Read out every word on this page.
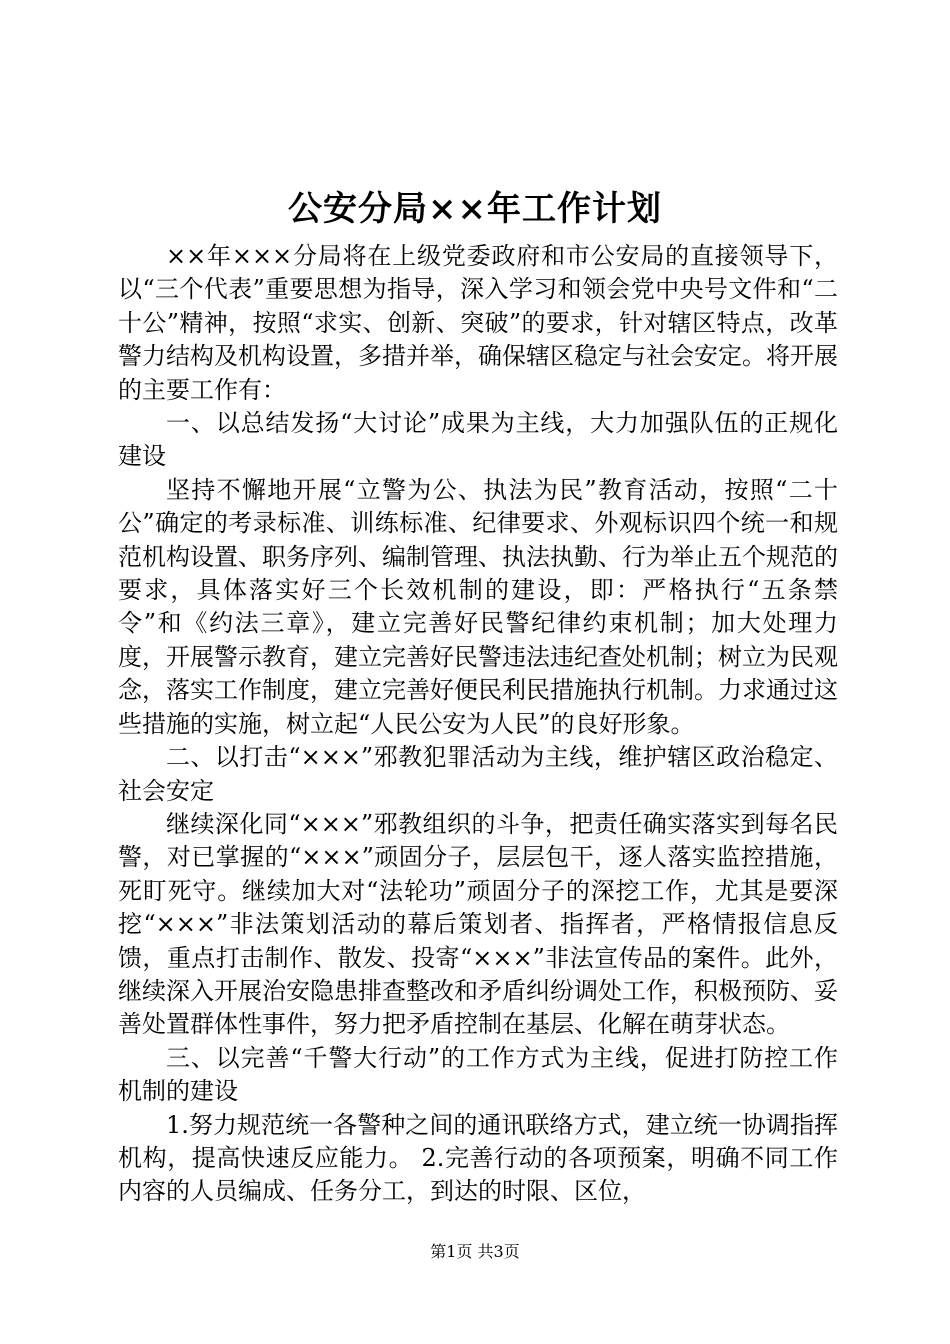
公安分局××年工作计划

××年×××分局将在上级党委政府和市公安局的直接领导下，以“三个代表”重要思想为指导，深入学习和领会党中央号文件和“二十公”精神，按照“求实、创新、突破”的要求，针对辖区特点，改革警力结构及机构设置，多措并举，确保辖区稳定与社会安定。将开展的主要工作有：

一、以总结发扬“大讨论”成果为主线，大力加强队伍的正规化建设

坚持不懈地开展“立警为公、执法为民”教育活动，按照“二十公”确定的考录标准、训练标准、纪律要求、外观标识四个统一和规范机构设置、职务序列、编制管理、执法执勤、行为举止五个规范的要求，具体落实好三个长效机制的建设，即：严格执行“五条禁令”和《约法三章》，建立完善好民警纪律约束机制；加大处理力度，开展警示教育，建立完善好民警违法违纪查处机制；树立为民观念，落实工作制度，建立完善好便民利民措施执行机制。力求通过这些措施的实施，树立起“人民公安为人民”的良好形象。

二、以打击“×××”邪教犯罪活动为主线，维护辖区政治稳定、社会安定

继续深化同“×××”邪教组织的斗争，把责任确实落实到每名民警，对已掌握的“×××”顽固分子，层层包干，逐人落实监控措施，死盯死守。继续加大对“法轮功”顽固分子的深挖工作，尤其是要深挖“×××”非法策划活动的幕后策划者、指挥者，严格情报信息反馈，重点打击制作、散发、投寄“×××”非法宣传品的案件。此外，继续深入开展治安隐患排查整改和矛盾纠纷调处工作，积极预防、妥善处置群体性事件，努力把矛盾控制在基层、化解在萌芽状态。

三、以完善“千警大行动”的工作方式为主线，促进打防控工作机制的建设

1.努力规范统一各警种之间的通讯联络方式，建立统一协调指挥机构，提高快速反应能力。 2.完善行动的各项预案，明确不同工作内容的人员编成、任务分工，到达的时限、区位，

第1页 共3页
